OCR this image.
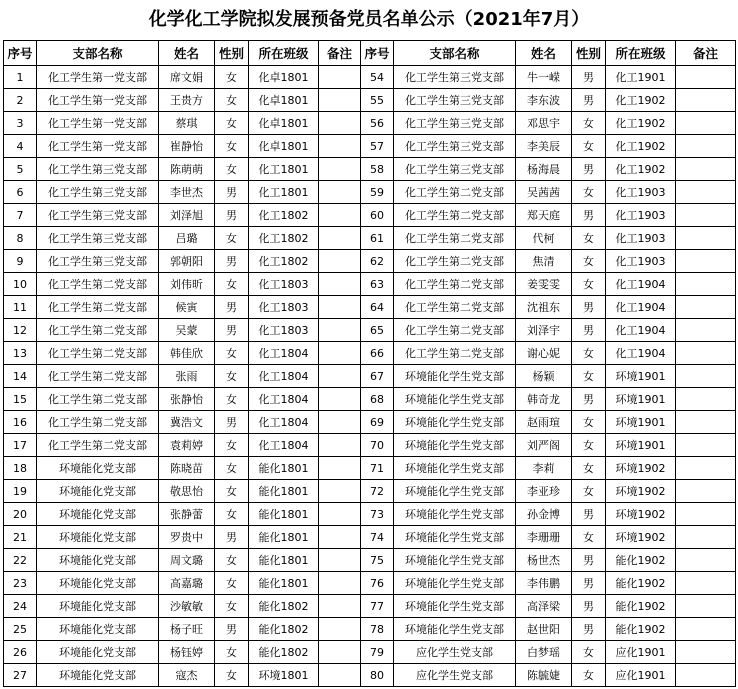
化学化工学院拟发展预备党员名单公示（2021年7月）
序号	支部名称	姓名	性别	所在班级	备注	序号	支部名称	姓名	性别	所在班级	备注
1	化工学生第一党支部	席文娟	女	化卓1801		54	化工学生第三党支部	牛一嵘	男	化工1901	
2	化工学生第一党支部	王贵方	女	化卓1801		55	化工学生第三党支部	李东波	男	化工1902	
3	化工学生第一党支部	蔡琪	女	化卓1801		56	化工学生第三党支部	邓思宇	女	化工1902	
4	化工学生第一党支部	崔静怡	女	化卓1801		57	化工学生第三党支部	李美辰	女	化工1902	
5	化工学生第三党支部	陈萌萌	女	化工1801		58	化工学生第三党支部	杨海晨	男	化工1902	
6	化工学生第三党支部	李世杰	男	化工1801		59	化工学生第二党支部	吴茜茜	女	化工1903	
7	化工学生第三党支部	刘泽旭	男	化工1802		60	化工学生第二党支部	郑天庭	男	化工1903	
8	化工学生第三党支部	吕璐	女	化工1802		61	化工学生第二党支部	代柯	女	化工1903	
9	化工学生第三党支部	郭朝阳	男	化工1802		62	化工学生第二党支部	焦清	女	化工1903	
10	化工学生第二党支部	刘伟昕	女	化工1803		63	化工学生第二党支部	姜雯雯	女	化工1904	
11	化工学生第二党支部	候寅	男	化工1803		64	化工学生第二党支部	沈祖东	男	化工1904	
12	化工学生第二党支部	吴蒙	男	化工1803		65	化工学生第二党支部	刘泽宇	男	化工1904	
13	化工学生第二党支部	韩佳欣	女	化工1804		66	化工学生第二党支部	谢心妮	女	化工1904	
14	化工学生第二党支部	张雨	女	化工1804		67	环境能化学生党支部	杨颖	女	环境1901	
15	化工学生第二党支部	张静怡	女	化工1804		68	环境能化学生党支部	韩奇龙	男	环境1901	
16	化工学生第二党支部	冀浩文	男	化工1804		69	环境能化学生党支部	赵雨瑄	女	环境1901	
17	化工学生第二党支部	袁莉婷	女	化工1804		70	环境能化学生党支部	刘严阁	女	环境1901	
18	环境能化党支部	陈晓苗	女	能化1801		71	环境能化学生党支部	李莉	女	环境1902	
19	环境能化党支部	敬思怡	女	能化1801		72	环境能化学生党支部	李亚珍	女	环境1902	
20	环境能化党支部	张静蕾	女	能化1801		73	环境能化学生党支部	孙金博	男	环境1902	
21	环境能化党支部	罗贵中	男	能化1801		74	环境能化学生党支部	李珊珊	女	环境1902	
22	环境能化党支部	周文璐	女	能化1801		75	环境能化学生党支部	杨世杰	男	能化1902	
23	环境能化党支部	高嘉璐	女	能化1801		76	环境能化学生党支部	李伟鹏	男	能化1902	
24	环境能化党支部	沙敏敏	女	能化1802		77	环境能化学生党支部	高泽梁	男	能化1902	
25	环境能化党支部	杨子旺	男	能化1802		78	环境能化学生党支部	赵世阳	男	能化1902	
26	环境能化党支部	杨钰婷	女	能化1802		79	应化学生党支部	白梦瑶	女	应化1901	
27	环境能化党支部	寇杰	女	环境1801		80	应化学生党支部	陈毓婕	女	应化1901	
